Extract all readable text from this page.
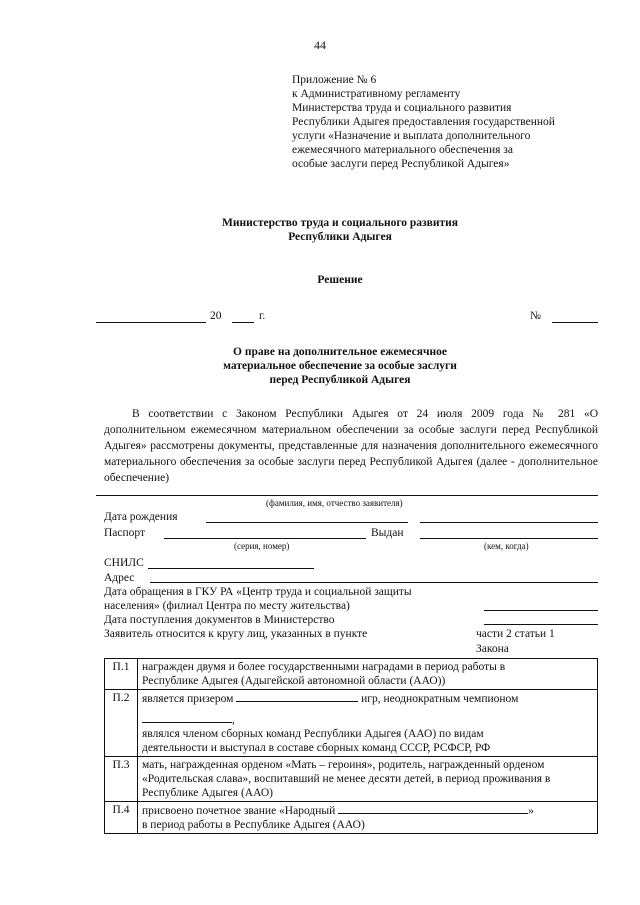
44
Приложение № 6
к Административному регламенту
Министерства труда и социального развития
Республики Адыгея предоставления государственной
услуги «Назначение и выплата дополнительного
ежемесячного материального обеспечения за
особые заслуги перед Республикой Адыгея»
Министерство труда и социального развития
Республики Адыгея
Решение
20	г.	№
О праве на дополнительное ежемесячное
материальное обеспечение за особые заслуги
перед Республикой Адыгея
В соответствии с Законом Республики Адыгея от 24 июля 2009 года № 281 «О дополнительном ежемесячном материальном обеспечении за особые заслуги перед Республикой Адыгея» рассмотрены документы, представленные для назначения дополнительного ежемесячного материального обеспечения за особые заслуги перед Республикой Адыгея (далее - дополнительное обеспечение)
(фамилия, имя, отчество заявителя)
Дата рождения
Паспорт	Выдан
(серия, номер)	(кем, когда)
СНИЛС
Адрес
Дата обращения в ГКУ РА «Центр труда и социальной защиты
населения» (филиал Центра по месту жительства)
Дата поступления документов в Министерство
Заявитель относится к кругу лиц, указанных в пункте	части 2 статьи 1
Закона
П.1	награжден двумя и более государственными наградами в период работы в
Республике Адыгея (Адыгейской автономной области (ААО))

П.2	является призером игр, неоднократным чемпионом
,
являлся членом сборных команд Республики Адыгея (ААО) по видам
деятельности и выступал в составе сборных команд СССР, РСФСР, РФ

П.3	мать, награжденная орденом «Мать – героиня», родитель, награжденный орденом
«Родительская слава», воспитавший не менее десяти детей, в период проживания в
Республике Адыгея (ААО)

П.4	присвоено почетное звание «Народный »
в период работы в Республике Адыгея (ААО)
